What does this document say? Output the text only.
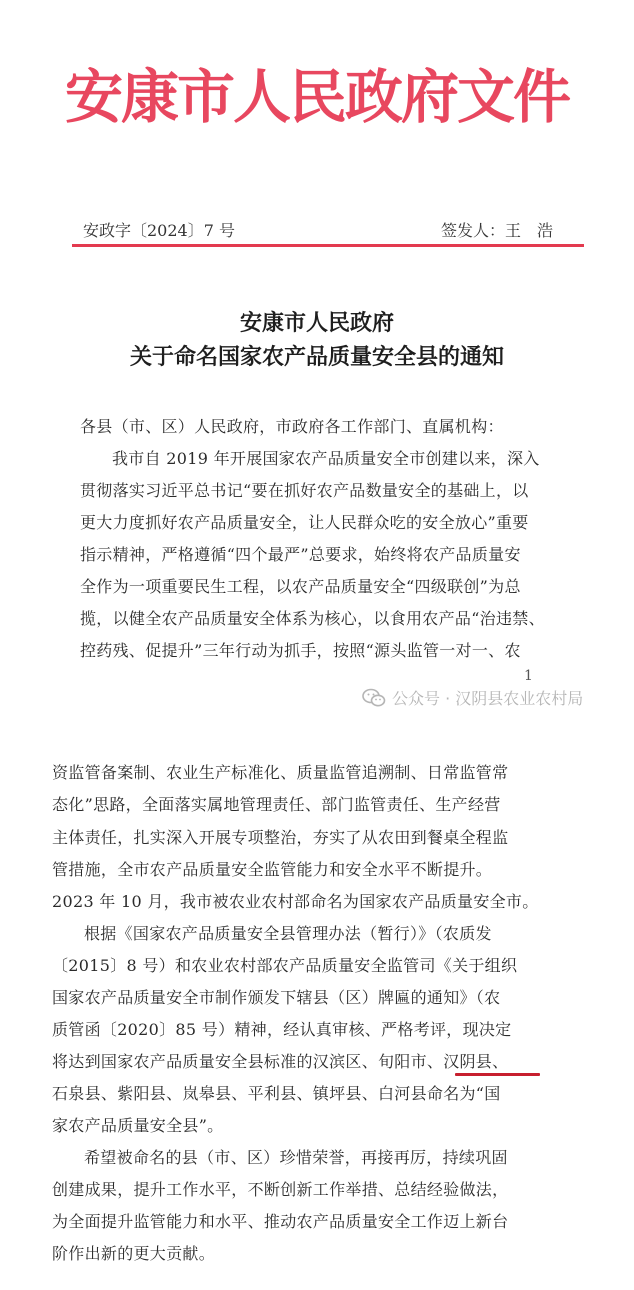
安康市人民政府文件
安政字〔2024〕7 号	签发人：王　浩
安康市人民政府
关于命名国家农产品质量安全县的通知
各县（市、区）人民政府，市政府各工作部门、直属机构：
我市自 2019 年开展国家农产品质量安全市创建以来，深入
贯彻落实习近平总书记“要在抓好农产品数量安全的基础上，以
更大力度抓好农产品质量安全，让人民群众吃的安全放心”重要
指示精神，严格遵循“四个最严”总要求，始终将农产品质量安
全作为一项重要民生工程，以农产品质量安全“四级联创”为总
揽，以健全农产品质量安全体系为核心，以食用农产品“治违禁、
控药残、促提升”三年行动为抓手，按照“源头监管一对一、农
1
公众号 · 汉阴县农业农村局
资监管备案制、农业生产标准化、质量监管追溯制、日常监管常
态化”思路，全面落实属地管理责任、部门监管责任、生产经营
主体责任，扎实深入开展专项整治，夯实了从农田到餐桌全程监
管措施，全市农产品质量安全监管能力和安全水平不断提升。
2023 年 10 月，我市被农业农村部命名为国家农产品质量安全市。
根据《国家农产品质量安全县管理办法（暂行）》（农质发
〔2015〕8 号）和农业农村部农产品质量安全监管司《关于组织
国家农产品质量安全市制作颁发下辖县（区）牌匾的通知》（农
质管函〔2020〕85 号）精神，经认真审核、严格考评，现决定
将达到国家农产品质量安全县标准的汉滨区、旬阳市、汉阴县、
石泉县、紫阳县、岚皋县、平利县、镇坪县、白河县命名为“国
家农产品质量安全县”。
希望被命名的县（市、区）珍惜荣誉，再接再厉，持续巩固
创建成果，提升工作水平，不断创新工作举措、总结经验做法，
为全面提升监管能力和水平、推动农产品质量安全工作迈上新台
阶作出新的更大贡献。
